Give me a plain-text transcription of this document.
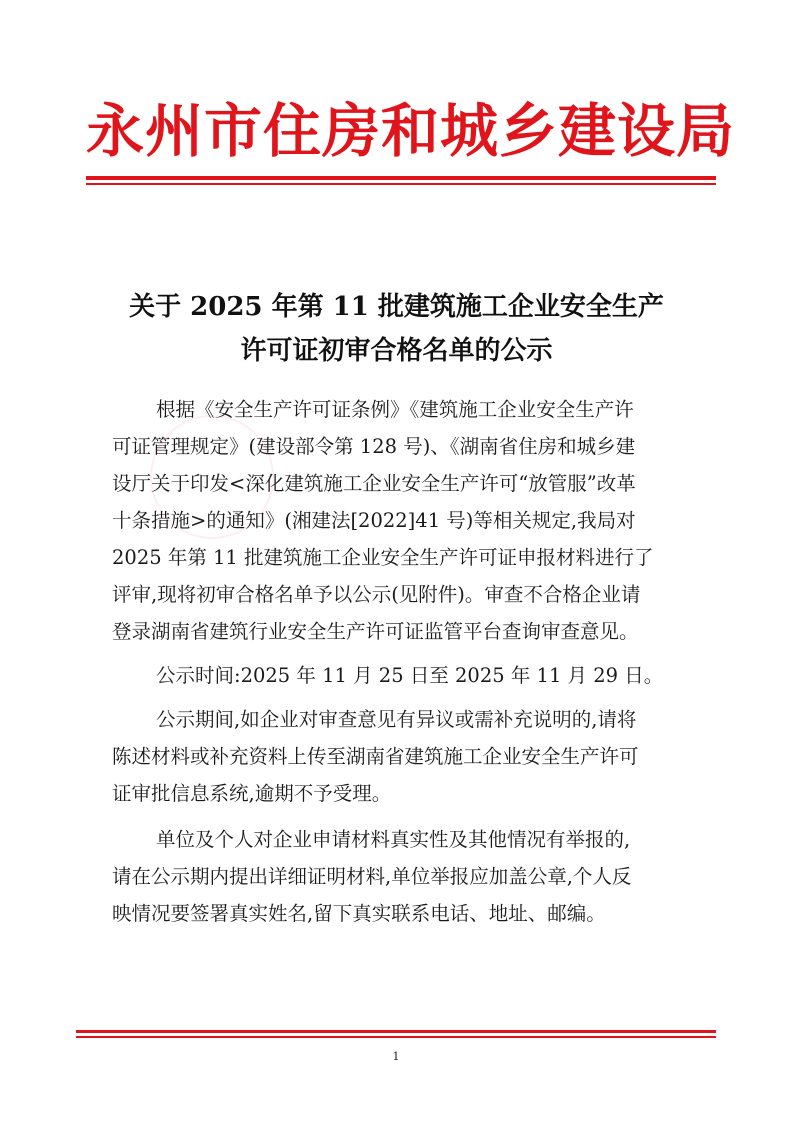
永州市住房和城乡建设局
关于 2025 年第 11 批建筑施工企业安全生产
许可证初审合格名单的公示
根据《安全生产许可证条例》《建筑施工企业安全生产许
可证管理规定》(建设部令第 128 号)、《湖南省住房和城乡建
设厅关于印发<深化建筑施工企业安全生产许可“放管服”改革
十条措施>的通知》(湘建法[2022]41 号)等相关规定,我局对
2025 年第 11 批建筑施工企业安全生产许可证申报材料进行了
评审,现将初审合格名单予以公示(见附件)。审查不合格企业请
登录湖南省建筑行业安全生产许可证监管平台查询审查意见。
公示时间:2025 年 11 月 25 日至 2025 年 11 月 29 日。
公示期间,如企业对审查意见有异议或需补充说明的,请将
陈述材料或补充资料上传至湖南省建筑施工企业安全生产许可
证审批信息系统,逾期不予受理。
单位及个人对企业申请材料真实性及其他情况有举报的,
请在公示期内提出详细证明材料,单位举报应加盖公章,个人反
映情况要签署真实姓名,留下真实联系电话、地址、邮编。
1
